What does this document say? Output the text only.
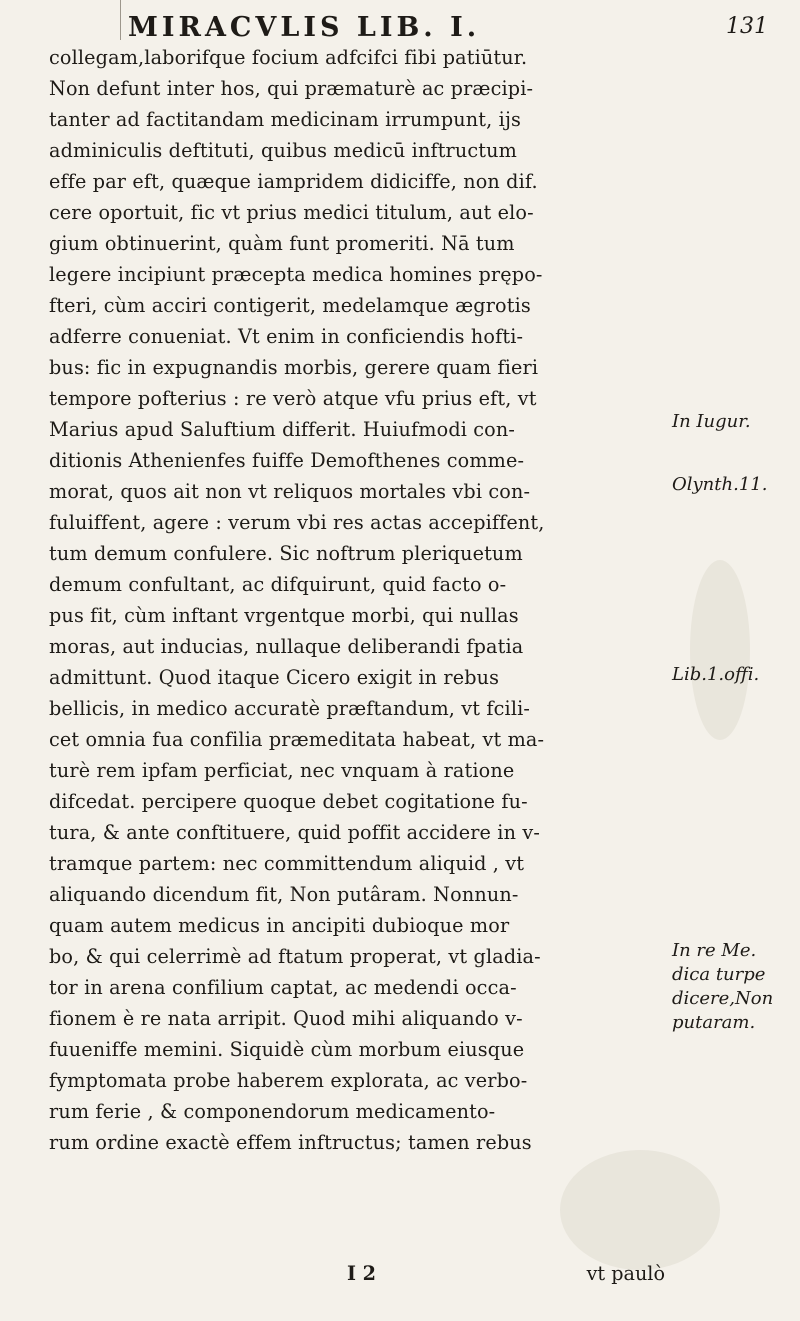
MIRACVLIS LIB. I.	131
collegam,laborifque focium adfcifci fibi patiūtur.
Non defunt inter hos, qui præmaturè ac præcipi-
tanter ad factitandam medicinam irrumpunt, ijs
adminiculis deftituti, quibus medicū inftructum
effe par eft, quæque iampridem didiciffe, non dif.
cere oportuit, fic vt prius medici titulum, aut elo-
gium obtinuerint, quàm funt promeriti. Nā tum
legere incipiunt præcepta medica homines prępo-
fteri, cùm acciri contigerit, medelamque ægrotis
adferre conueniat. Vt enim in conficiendis hofti-
bus: fic in expugnandis morbis, gerere quam fieri
tempore pofterius : re verò atque vfu prius eft, vt
Marius apud Saluftium differit. Huiufmodi con-
ditionis Athenienfes fuiffe Demofthenes comme-
morat, quos ait non vt reliquos mortales vbi con-
fuluiffent, agere : verum vbi res actas accepiffent,
tum demum confulere. Sic noftrum pleriquetum
demum confultant, ac difquirunt, quid facto o-
pus fit, cùm inftant vrgentque morbi, qui nullas
moras, aut inducias, nullaque deliberandi fpatia
admittunt. Quod itaque Cicero exigit in rebus
bellicis, in medico accuratè præftandum, vt fcili-
cet omnia fua confilia præmeditata habeat, vt ma-
turè rem ipfam perficiat, nec vnquam à ratione
difcedat. percipere quoque debet cogitatione fu-
tura, & ante conftituere, quid poffit accidere in v-
tramque partem: nec committendum aliquid , vt
aliquando dicendum fit, Non putâram. Nonnun-
quam autem medicus in ancipiti dubioque mor
bo, & qui celerrimè ad ftatum properat, vt gladia-
tor in arena confilium captat, ac medendi occa-
fionem è re nata arripit. Quod mihi aliquando v-
fuueniffe memini. Siquidè cùm morbum eiusque
fymptomata probe haberem exploratа, ac verbo-
rum ferie , & componendorum medicamento-
rum ordine exactè effem inftructus; tamen rebus
I 2	vt paulò
In Iugur.
Olynth.11.
Lib.1.offi.
In re Me.
dica turpe
dicere,Non
putaram.
